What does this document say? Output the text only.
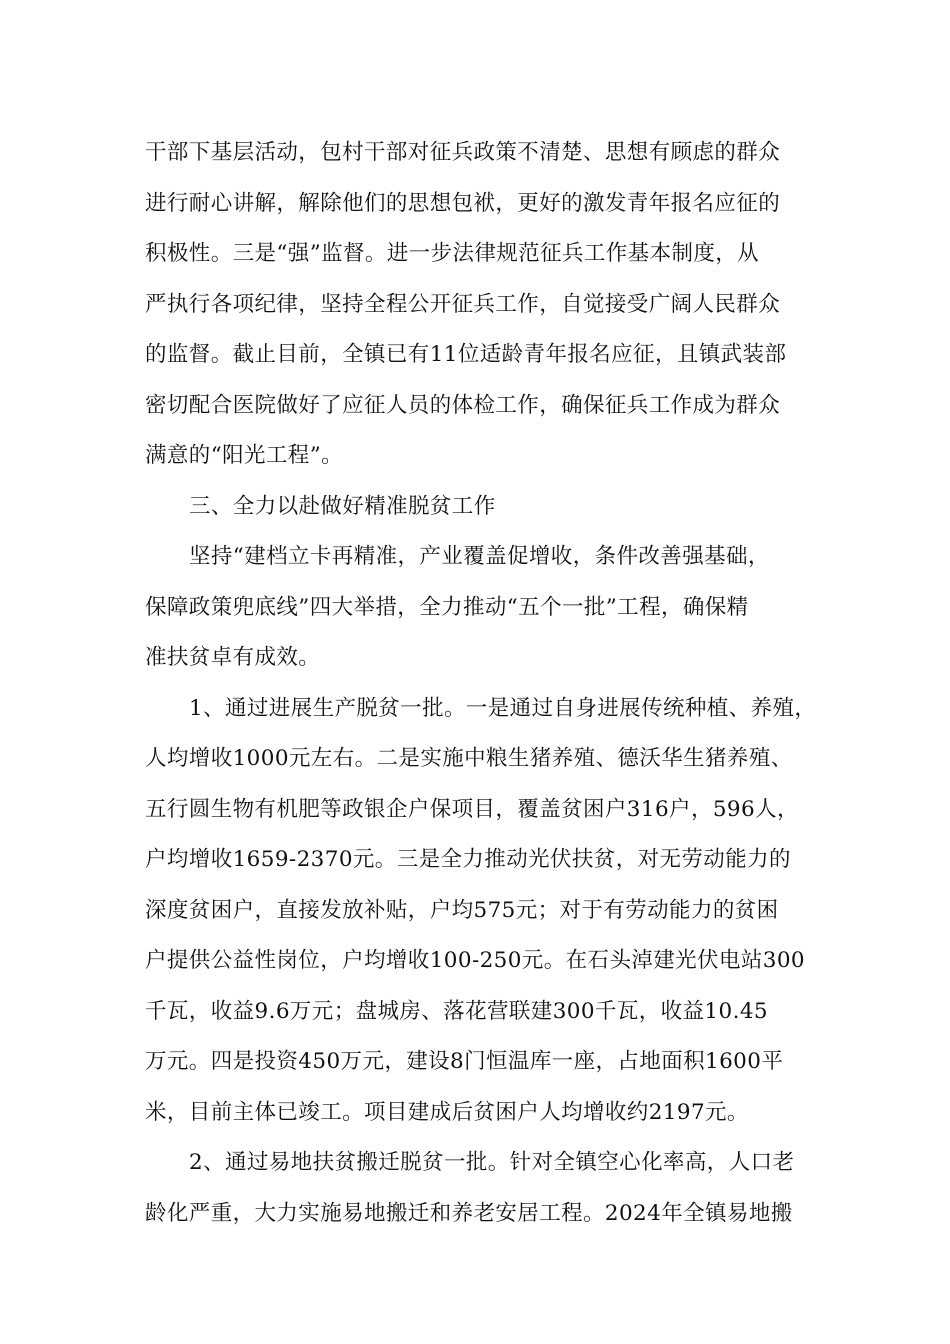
干部下基层活动，包村干部对征兵政策不清楚、思想有顾虑的群众
进行耐心讲解，解除他们的思想包袱，更好的激发青年报名应征的
积极性。三是“强”监督。进一步法律规范征兵工作基本制度，从
严执行各项纪律，坚持全程公开征兵工作，自觉接受广阔人民群众
的监督。截止目前，全镇已有11位适龄青年报名应征，且镇武装部
密切配合医院做好了应征人员的体检工作，确保征兵工作成为群众
满意的“阳光工程”。
三、全力以赴做好精准脱贫工作
坚持“建档立卡再精准，产业覆盖促增收，条件改善强基础，
保障政策兜底线”四大举措，全力推动“五个一批”工程，确保精
准扶贫卓有成效。
1、通过进展生产脱贫一批。一是通过自身进展传统种植、养殖，
人均增收1000元左右。二是实施中粮生猪养殖、德沃华生猪养殖、
五行圆生物有机肥等政银企户保项目，覆盖贫困户316户，596人，
户均增收1659-2370元。三是全力推动光伏扶贫，对无劳动能力的
深度贫困户，直接发放补贴，户均575元；对于有劳动能力的贫困
户提供公益性岗位，户均增收100-250元。在石头淖建光伏电站300
千瓦，收益9.6万元；盘城房、落花营联建300千瓦，收益10.45
万元。四是投资450万元，建设8门恒温库一座，占地面积1600平
米，目前主体已竣工。项目建成后贫困户人均增收约2197元。
2、通过易地扶贫搬迁脱贫一批。针对全镇空心化率高，人口老
龄化严重，大力实施易地搬迁和养老安居工程。2024年全镇易地搬
